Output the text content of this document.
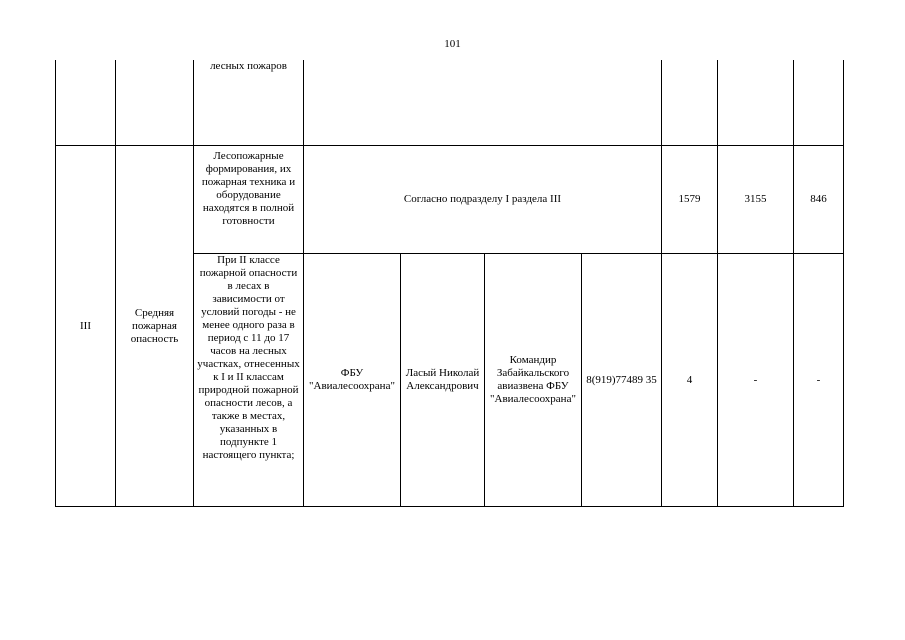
101
		лесных пожаров							
III	Средняя пожарная опасность	Лесопожарные формирования, их пожарная техника и оборудование находятся в полной готовности	Согласно подразделу I раздела III				1579	3155	846
		При II классе пожарной опасности в лесах в зависимости от условий погоды - не менее одного раза в период с 11 до 17 часов на лесных участках, отнесенных к I и II классам природной пожарной опасности лесов, а также в местах, указанных в подпункте 1 настоящего пункта;	ФБУ "Авиалесоохрана"	Ласый Николай Александрович	Командир Забайкальского авиазвена ФБУ "Авиалесоохрана"	8(919)77489 35	4	-	-
